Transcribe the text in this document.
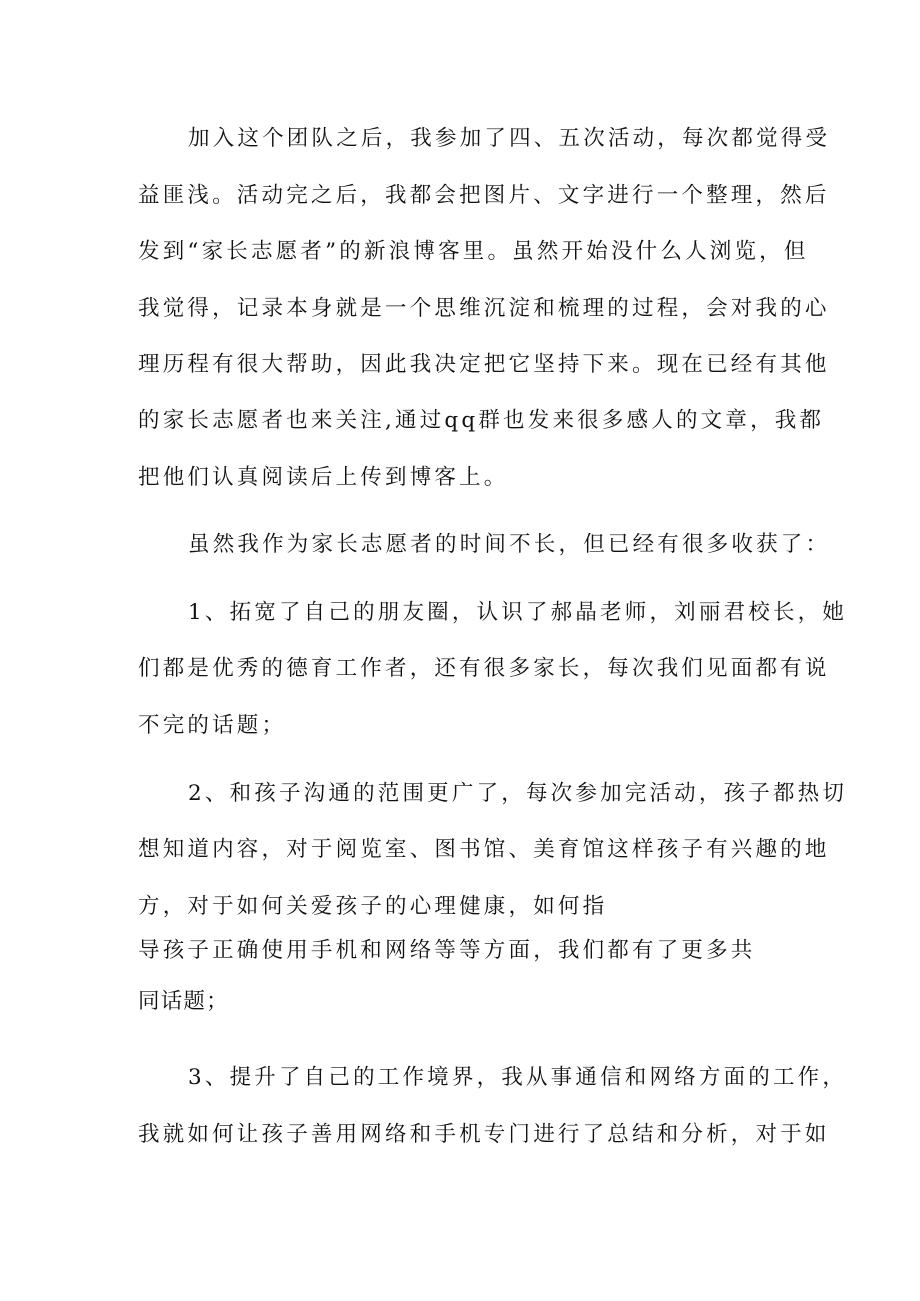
加入这个团队之后，我参加了四、五次活动，每次都觉得受
益匪浅。活动完之后，我都会把图片、文字进行一个整理，然后
发到“家长志愿者”的新浪博客里。虽然开始没什么人浏览，但
我觉得，记录本身就是一个思维沉淀和梳理的过程，会对我的心
理历程有很大帮助，因此我决定把它坚持下来。现在已经有其他
的家长志愿者也来关注,通过qq群也发来很多感人的文章，我都
把他们认真阅读后上传到博客上。
虽然我作为家长志愿者的时间不长，但已经有很多收获了：
1、拓宽了自己的朋友圈，认识了郝晶老师，刘丽君校长，她
们都是优秀的德育工作者，还有很多家长，每次我们见面都有说
不完的话题；
2、和孩子沟通的范围更广了，每次参加完活动，孩子都热切
想知道内容，对于阅览室、图书馆、美育馆这样孩子有兴趣的地
方，对于如何关爱孩子的心理健康，如何指
导孩子正确使用手机和网络等等方面，我们都有了更多共
同话题；
3、提升了自己的工作境界，我从事通信和网络方面的工作，
我就如何让孩子善用网络和手机专门进行了总结和分析，对于如
